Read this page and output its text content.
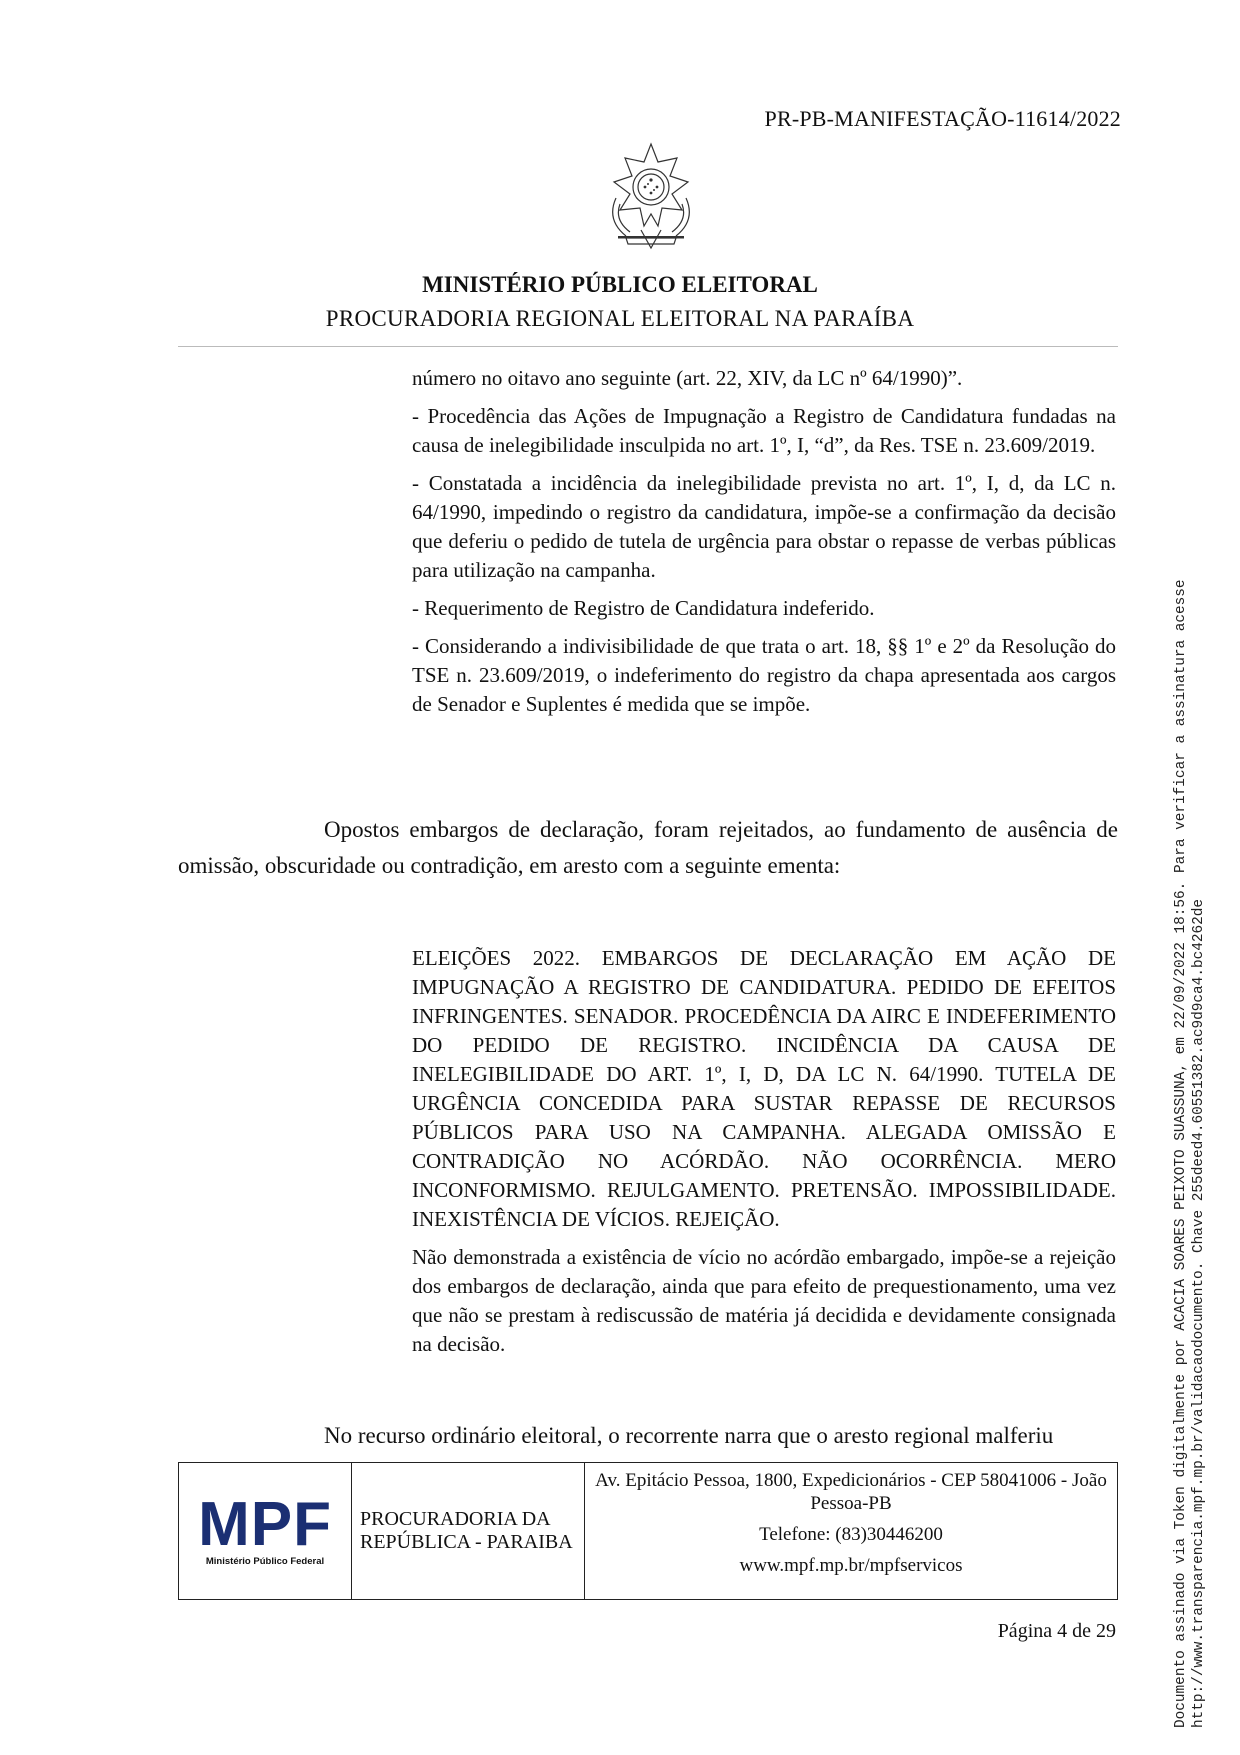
PR-PB-MANIFESTAÇÃO-11614/2022
MINISTÉRIO PÚBLICO ELEITORAL
PROCURADORIA REGIONAL ELEITORAL NA PARAÍBA

número no oitavo ano seguinte (art. 22, XIV, da LC nº 64/1990)”.

- Procedência das Ações de Impugnação a Registro de Candidatura fundadas na causa de inelegibilidade insculpida no art. 1º, I, “d”, da Res. TSE n. 23.609/2019.

- Constatada a incidência da inelegibilidade prevista no art. 1º, I, d, da LC n. 64/1990, impedindo o registro da candidatura, impõe-se a confirmação da decisão que deferiu o pedido de tutela de urgência para obstar o repasse de verbas públicas para utilização na campanha.

- Requerimento de Registro de Candidatura indeferido.

- Considerando a indivisibilidade de que trata o art. 18, §§ 1º e 2º da Resolução do TSE n. 23.609/2019, o indeferimento do registro da chapa apresentada aos cargos de Senador e Suplentes é medida que se impõe.

Opostos embargos de declaração, foram rejeitados, ao fundamento de ausência de omissão, obscuridade ou contradição, em aresto com a seguinte ementa:

ELEIÇÕES 2022. EMBARGOS DE DECLARAÇÃO EM AÇÃO DE IMPUGNAÇÃO A REGISTRO DE CANDIDATURA. PEDIDO DE EFEITOS INFRINGENTES. SENADOR. PROCEDÊNCIA DA AIRC E INDEFERIMENTO DO PEDIDO DE REGISTRO. INCIDÊNCIA DA CAUSA DE INELEGIBILIDADE DO ART. 1º, I, D, DA LC N. 64/1990. TUTELA DE URGÊNCIA CONCEDIDA PARA SUSTAR REPASSE DE RECURSOS PÚBLICOS PARA USO NA CAMPANHA. ALEGADA OMISSÃO E CONTRADIÇÃO NO ACÓRDÃO. NÃO OCORRÊNCIA. MERO INCONFORMISMO. REJULGAMENTO. PRETENSÃO. IMPOSSIBILIDADE. INEXISTÊNCIA DE VÍCIOS. REJEIÇÃO.

Não demonstrada a existência de vício no acórdão embargado, impõe-se a rejeição dos embargos de declaração, ainda que para efeito de prequestionamento, uma vez que não se prestam à rediscussão de matéria já decidida e devidamente consignada na decisão.

No recurso ordinário eleitoral, o recorrente narra que o aresto regional malferiu
MPF
Ministério Público Federal
PROCURADORIA DA REPÚBLICA - PARAIBA
Av. Epitácio Pessoa, 1800, Expedicionários - CEP 58041006 - João Pessoa-PB
Telefone: (83)30446200
www.mpf.mp.br/mpfservicos
Página 4 de 29	Documento assinado via Token digitalmente por ACACIA SOARES PEIXOTO SUASSUNA, em 22/09/2022 18:56. Para verificar a assinatura acesse http://www.transparencia.mpf.mp.br/validacaodocumento. Chave 255deed4.60551382.ac9d9ca4.bc4262de
